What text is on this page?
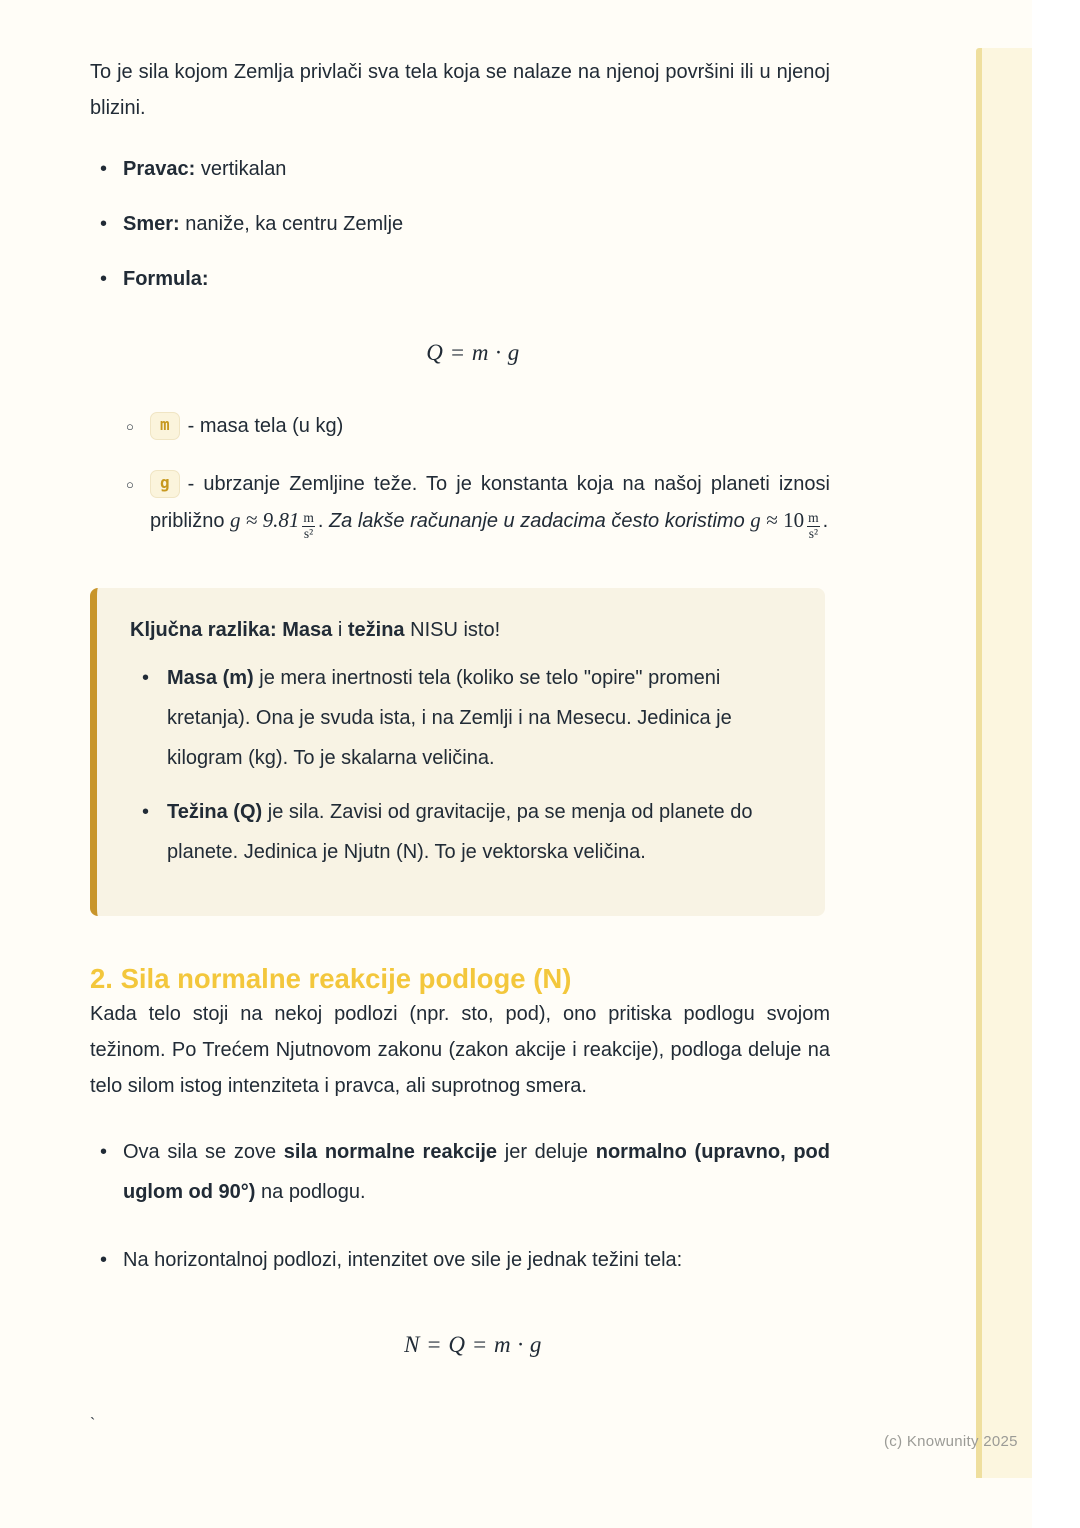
To je sila kojom Zemlja privlači sva tela koja se nalaze na njenoj površini ili u njenoj blizini.

• Pravac: vertikalan
• Smer: naniže, ka centru Zemlje
• Formula:
Q = m · g
○ m - masa tela (u kg)
○ g - ubrzanje Zemljine teže. To je konstanta koja na našoj planeti iznosi približno $g \approx 9.81 \frac{m}{\text{s²}}$ . Za lakše računanje u zadacima često koristimo $g \approx 10 \frac{m}{\text{s²}}$ .
Ključna razlika: Masa i težina NISU isto!
• Masa (m) je mera inertnosti tela (koliko se telo "opire" promeni kretanja). Ona je svuda ista, i na Zemlji i na Mesecu. Jedinica je kilogram (kg). To je skalarna veličina.
• Težina (Q) je sila. Zavisi od gravitacije, pa se menja od planete do planete. Jedinica je Njutn (N). To je vektorska veličina.
2. Sila normalne reakcije podloge (N)

Kada telo stoji na nekoj podlozi (npr. sto, pod), ono pritiska podlogu svojom težinom. Po Trećem Njutnovom zakonu (zakon akcije i reakcije), podloga deluje na telo silom istog intenziteta i pravca, ali suprotnog smera.

• Ova sila se zove sila normalne reakcije jer deluje normalno (upravno, pod uglom od 90°) na podlogu.
• Na horizontalnoj podlozi, intenzitet ove sile je jednak težini tela:
N = Q = m · g
`
(c) Knowunity 2025
